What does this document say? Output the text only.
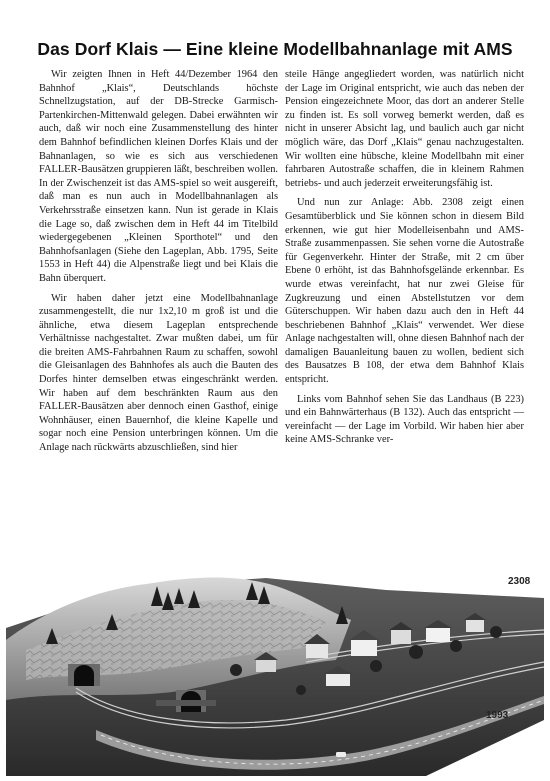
Das Dorf Klais — Eine kleine Modellbahnanlage mit AMS

Wir zeigten Ihnen in Heft 44/Dezember 1964 den Bahnhof „Klais“, Deutschlands höchste Schnellzugstation, auf der DB-Strecke Garmisch-Partenkirchen-Mittenwald gelegen. Dabei erwähnten wir auch, daß wir noch eine Zusammenstellung des hinter dem Bahnhof befindlichen kleinen Dorfes Klais und der Bahnanlagen, so wie es sich aus verschiedenen FALLER-Bausätzen gruppieren läßt, beschreiben wollen. In der Zwischenzeit ist das AMS-spiel so weit ausgereift, daß man es nun auch in Modellbahnanlagen als Verkehrsstraße einsetzen kann. Nun ist gerade in Klais die Lage so, daß zwischen dem in Heft 44 im Titelbild wiedergegebenen „Kleinen Sporthotel“ und den Bahnhofsanlagen (Siehe den Lageplan, Abb. 1795, Seite 1553 in Heft 44) die Alpenstraße liegt und bei Klais die Bahn überquert.

Wir haben daher jetzt eine Modellbahnanlage zusammengestellt, die nur 1x2,10 m groß ist und die ähnliche, etwa diesem Lageplan entsprechende Verhältnisse nachgestaltet. Zwar mußten dabei, um für die breiten AMS-Fahrbahnen Raum zu schaffen, sowohl die Gleisanlagen des Bahnhofes als auch die Bauten des Dorfes hinter demselben etwas eingeschränkt werden. Wir haben auf dem beschränkten Raum aus den FALLER-Bausätzen aber dennoch einen Gasthof, einige Wohnhäuser, einen Bauernhof, die kleine Kapelle und sogar noch eine Pension unterbringen können. Um die Anlage nach rückwärts abzuschließen, sind hier

steile Hänge angegliedert worden, was natürlich nicht der Lage im Original entspricht, wie auch das neben der Pension eingezeichnete Moor, das dort an anderer Stelle zu finden ist. Es soll vorweg bemerkt werden, daß es nicht in unserer Absicht lag, und baulich auch gar nicht möglich wäre, das Dorf „Klais“ genau nachzugestalten. Wir wollten eine hübsche, kleine Modellbahn mit einer fahrbaren Autostraße schaffen, die in kleinem Rahmen betriebs- und auch jederzeit erweiterungsfähig ist.

Und nun zur Anlage: Abb. 2308 zeigt einen Gesamtüberblick und Sie können schon in diesem Bild erkennen, wie gut hier Modelleisenbahn und AMS-Straße zusammenpassen. Sie sehen vorne die Autostraße für Gegenverkehr. Hinter der Straße, mit 2 cm über Ebene 0 erhöht, ist das Bahnhofsgelände erkennbar. Es wurde etwas vereinfacht, hat nur zwei Gleise für Zugkreuzung und einen Abstellstutzen vor dem Güterschuppen. Wir haben dazu auch den in Heft 44 beschriebenen Bahnhof „Klais“ verwendet. Wer diese Anlage nachgestalten will, ohne diesen Bahnhof nach der damaligen Bauanleitung bauen zu wollen, bedient sich des Bausatzes B 108, der etwa dem Bahnhof Klais entspricht.

Links vom Bahnhof sehen Sie das Landhaus (B 223) und ein Bahnwärterhaus (B 132). Auch das entspricht — vereinfacht — der Lage im Vorbild. Wir haben hier aber keine AMS-Schranke ver-

2308
1993
